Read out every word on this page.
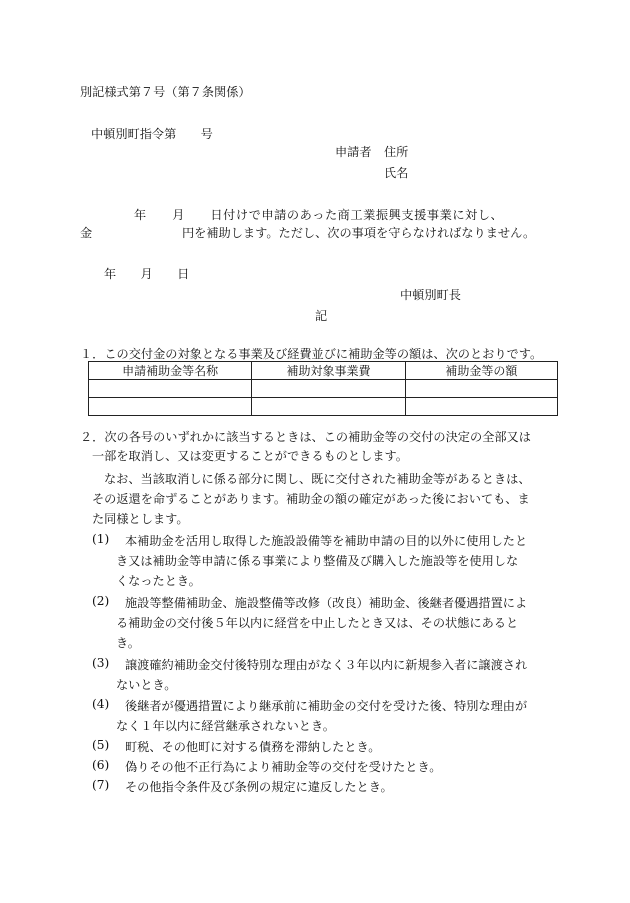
別記様式第７号（第７条関係）
中頓別町指令第　　号
申請者 住所
氏名
年　　月　　日付けで申請のあった商工業振興支援事業に対し、
金	円を補助します。ただし、次の事項を守らなければなりません。
年　　月　　日
中頓別町長
記
１．この交付金の対象となる事業及び経費並びに補助金等の額は、次のとおりです。
申請補助金等名称	補助対象事業費	補助金等の額

２．次の各号のいずれかに該当するときは、この補助金等の交付の決定の全部又は
一部を取消し、又は変更することができるものとします。
なお、当該取消しに係る部分に関し、既に交付された補助金等があるときは、
その返還を命ずることがあります。補助金の額の確定があった後においても、ま
た同様とします。
(1) 本補助金を活用し取得した施設設備等を補助申請の目的以外に使用したと
き又は補助金等申請に係る事業により整備及び購入した施設等を使用しな
くなったとき。
(2) 施設等整備補助金、施設整備等改修（改良）補助金、後継者優遇措置によ
る補助金の交付後５年以内に経営を中止したとき又は、その状態にあると
き。
(3) 譲渡確約補助金交付後特別な理由がなく３年以内に新規参入者に譲渡され
ないとき。
(4) 後継者が優遇措置により継承前に補助金の交付を受けた後、特別な理由が
なく１年以内に経営継承されないとき。
(5) 町税、その他町に対する債務を滞納したとき。
(6) 偽りその他不正行為により補助金等の交付を受けたとき。
(7) その他指令条件及び条例の規定に違反したとき。
